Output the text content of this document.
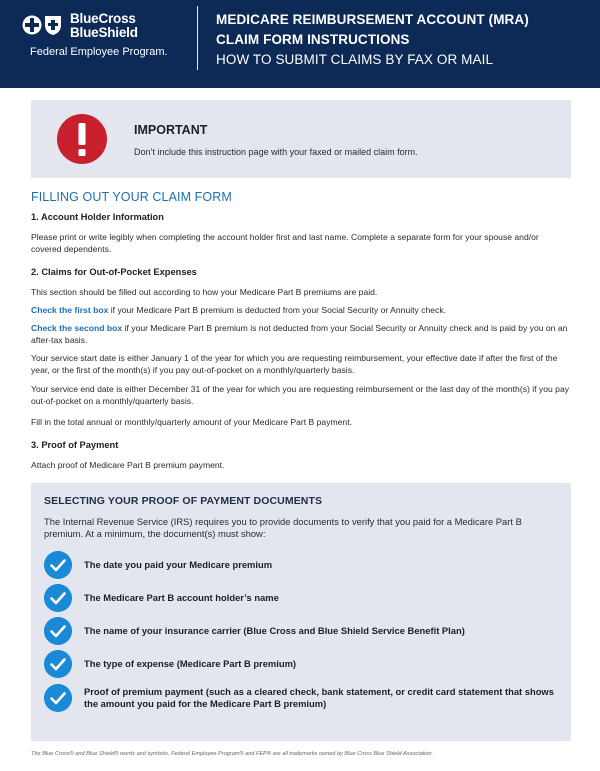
BlueCross
BlueShield
Federal Employee Program.
MEDICARE REIMBURSEMENT ACCOUNT (MRA)
CLAIM FORM INSTRUCTIONS
HOW TO SUBMIT CLAIMS BY FAX OR MAIL
IMPORTANT
Don’t include this instruction page with your faxed or mailed claim form.
FILLING OUT YOUR CLAIM FORM
1. Account Holder Information
Please print or write legibly when completing the account holder first and last name. Complete a separate form for your spouse and/or covered dependents.
2. Claims for Out-of-Pocket Expenses
This section should be filled out according to how your Medicare Part B premiums are paid.
Check the first box if your Medicare Part B premium is deducted from your Social Security or Annuity check.
Check the second box if your Medicare Part B premium is not deducted from your Social Security or Annuity check and is paid by you on an after-tax basis.
Your service start date is either January 1 of the year for which you are requesting reimbursement, your effective date if after the first of the year, or the first of the month(s) if you pay out-of-pocket on a monthly/quarterly basis.
Your service end date is either December 31 of the year for which you are requesting reimbursement or the last day of the month(s) if you pay out-of-pocket on a monthly/quarterly basis.
Fill in the total annual or monthly/quarterly amount of your Medicare Part B payment.
3. Proof of Payment
Attach proof of Medicare Part B premium payment.
SELECTING YOUR PROOF OF PAYMENT DOCUMENTS
The Internal Revenue Service (IRS) requires you to provide documents to verify that you paid for a Medicare Part B premium. At a minimum, the document(s) must show:
The date you paid your Medicare premium
The Medicare Part B account holder’s name
The name of your insurance carrier (Blue Cross and Blue Shield Service Benefit Plan)
The type of expense (Medicare Part B premium)
Proof of premium payment (such as a cleared check, bank statement, or credit card statement that shows the amount you paid for the Medicare Part B premium)
The Blue Cross® and Blue Shield® words and symbols, Federal Employee Program® and FEP® are all trademarks owned by Blue Cross Blue Shield Association.
